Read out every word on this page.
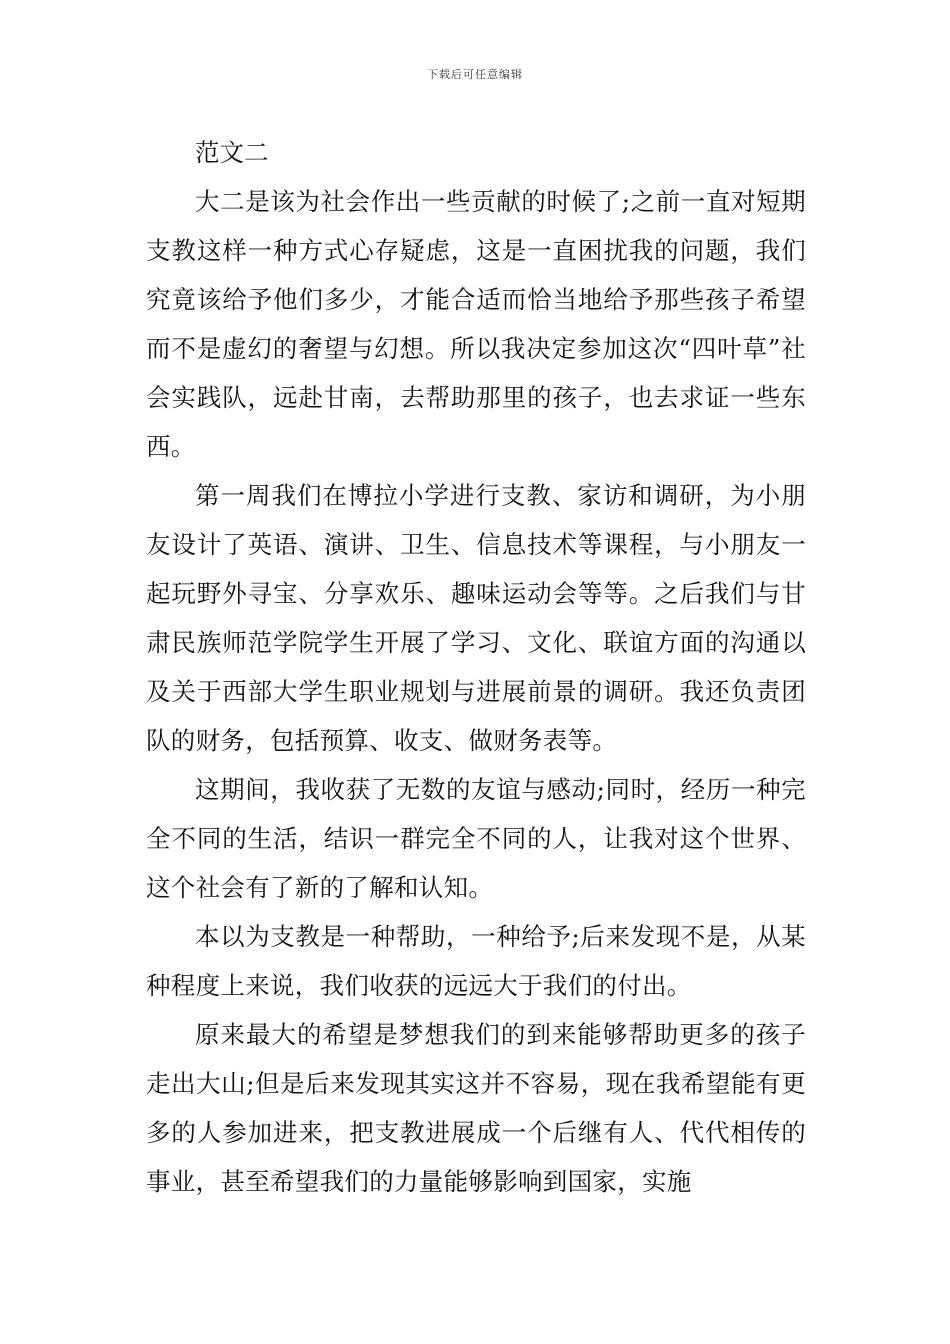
下载后可任意编辑

范文二

大二是该为社会作出一些贡献的时候了;之前一直对短期支教这样一种方式心存疑虑，这是一直困扰我的问题，我们究竟该给予他们多少，才能合适而恰当地给予那些孩子希望而不是虚幻的奢望与幻想。所以我决定参加这次“四叶草”社会实践队，远赴甘南，去帮助那里的孩子，也去求证一些东西。

第一周我们在博拉小学进行支教、家访和调研，为小朋友设计了英语、演讲、卫生、信息技术等课程，与小朋友一起玩野外寻宝、分享欢乐、趣味运动会等等。之后我们与甘肃民族师范学院学生开展了学习、文化、联谊方面的沟通以及关于西部大学生职业规划与进展前景的调研。我还负责团队的财务，包括预算、收支、做财务表等。

这期间，我收获了无数的友谊与感动;同时，经历一种完全不同的生活，结识一群完全不同的人，让我对这个世界、这个社会有了新的了解和认知。

本以为支教是一种帮助，一种给予;后来发现不是，从某种程度上来说，我们收获的远远大于我们的付出。

原来最大的希望是梦想我们的到来能够帮助更多的孩子走出大山;但是后来发现其实这并不容易，现在我希望能有更多的人参加进来，把支教进展成一个后继有人、代代相传的事业，甚至希望我们的力量能够影响到国家，实施
